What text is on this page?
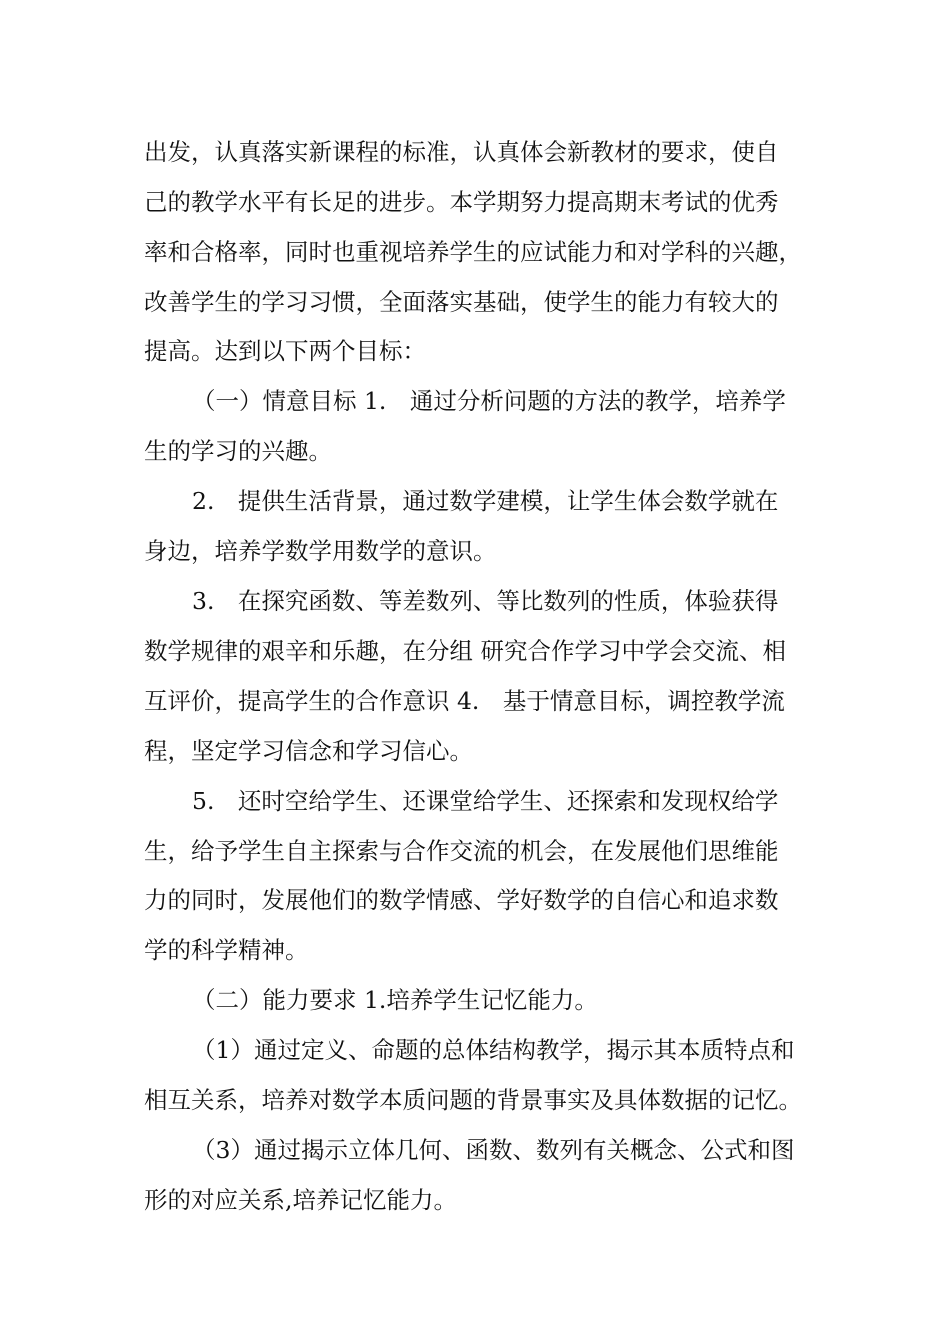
出发，认真落实新课程的标准，认真体会新教材的要求，使自
己的教学水平有长足的进步。本学期努力提高期末考试的优秀
率和合格率，同时也重视培养学生的应试能力和对学科的兴趣，
改善学生的学习习惯，全面落实基础，使学生的能力有较大的
提高。达到以下两个目标：
（一）情意目标 1.　通过分析问题的方法的教学，培养学
生的学习的兴趣。
2.　提供生活背景，通过数学建模，让学生体会数学就在
身边，培养学数学用数学的意识。
3.　在探究函数、等差数列、等比数列的性质，体验获得
数学规律的艰辛和乐趣，在分组 研究合作学习中学会交流、相
互评价，提高学生的合作意识 4.　基于情意目标，调控教学流
程，坚定学习信念和学习信心。
5.　还时空给学生、还课堂给学生、还探索和发现权给学
生，给予学生自主探索与合作交流的机会，在发展他们思维能
力的同时，发展他们的数学情感、学好数学的自信心和追求数
学的科学精神。
（二）能力要求 1.培养学生记忆能力。
（1）通过定义、命题的总体结构教学，揭示其本质特点和
相互关系，培养对数学本质问题的背景事实及具体数据的记忆。
（3）通过揭示立体几何、函数、数列有关概念、公式和图
形的对应关系,培养记忆能力。
